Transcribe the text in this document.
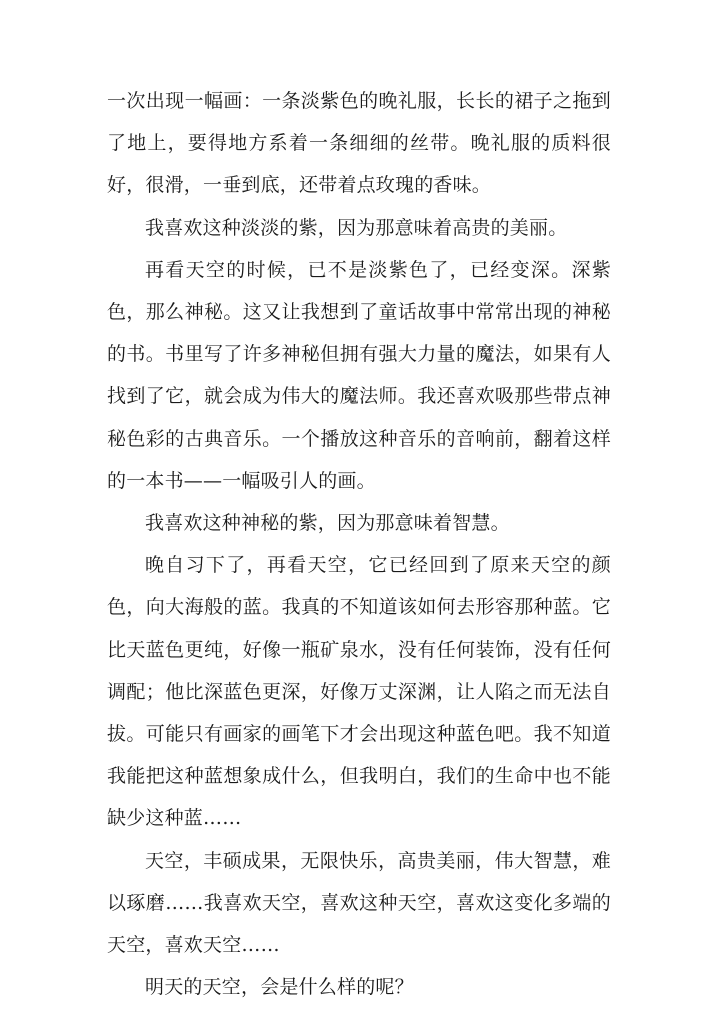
一次出现一幅画：一条淡紫色的晚礼服，长长的裙子之拖到了地上，要得地方系着一条细细的丝带。晚礼服的质料很好，很滑，一垂到底，还带着点玫瑰的香味。

我喜欢这种淡淡的紫，因为那意味着高贵的美丽。

再看天空的时候，已不是淡紫色了，已经变深。深紫色，那么神秘。这又让我想到了童话故事中常常出现的神秘的书。书里写了许多神秘但拥有强大力量的魔法，如果有人找到了它，就会成为伟大的魔法师。我还喜欢吸那些带点神秘色彩的古典音乐。一个播放这种音乐的音响前，翻着这样的一本书——一幅吸引人的画。

我喜欢这种神秘的紫，因为那意味着智慧。

晚自习下了，再看天空，它已经回到了原来天空的颜色，向大海般的蓝。我真的不知道该如何去形容那种蓝。它比天蓝色更纯，好像一瓶矿泉水，没有任何装饰，没有任何调配；他比深蓝色更深，好像万丈深渊，让人陷之而无法自拔。可能只有画家的画笔下才会出现这种蓝色吧。我不知道我能把这种蓝想象成什么，但我明白，我们的生命中也不能缺少这种蓝……

天空，丰硕成果，无限快乐，高贵美丽，伟大智慧，难以琢磨……我喜欢天空，喜欢这种天空，喜欢这变化多端的天空，喜欢天空……

明天的天空，会是什么样的呢？
